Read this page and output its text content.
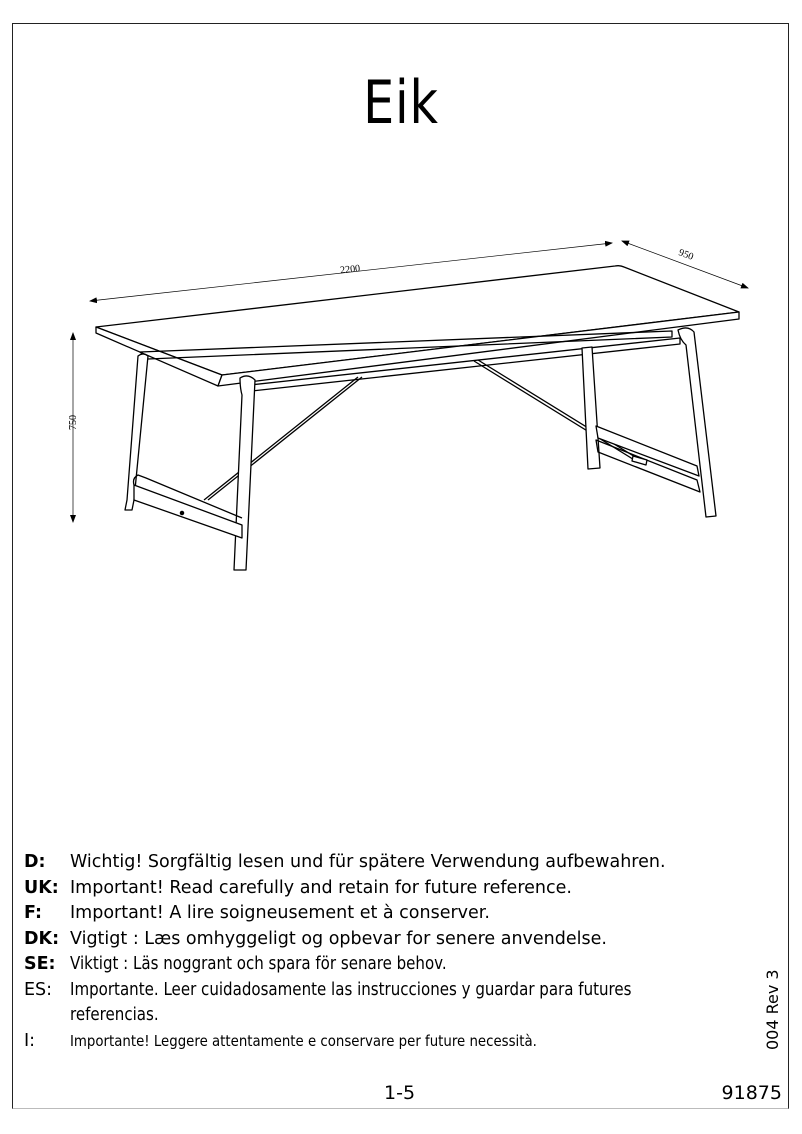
Eik
2200
950
750
D:	Wichtig! Sorgfältig lesen und für spätere Verwendung aufbewahren.
UK: Important! Read carefully and retain for future reference.
F:	Important! A lire soigneusement et à conserver.
DK: Vigtigt : Læs omhyggeligt og opbevar for senere anvendelse.
SE: Viktigt : Läs noggrant och spara för senare behov.
ES:	Importante. Leer cuidadosamente las instrucciones y guardar para futures referencias.
I:	Importante! Leggere attentamente e conservare per future necessità.	004 Rev 3
1-5	91875
